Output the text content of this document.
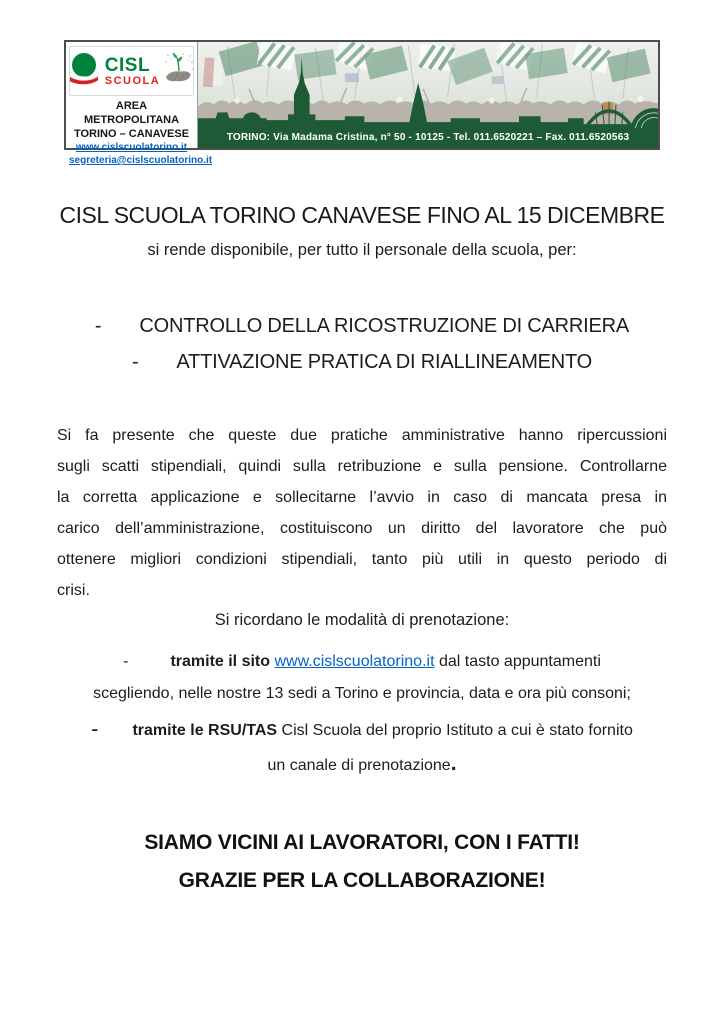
CISL
SCUOLA
AREA METROPOLITANA
TORINO – CANAVESE
www.cislscuolatorino.it
segreteria@cislscuolatorino.it
TORINO: Via Madama Cristina, n° 50 - 10125 - Tel. 011.6520221 – Fax. 011.6520563
CISL SCUOLA TORINO CANAVESE FINO AL 15 DICEMBRE
si rende disponibile, per tutto il personale della scuola, per:
- CONTROLLO DELLA RICOSTRUZIONE DI CARRIERA
- ATTIVAZIONE PRATICA DI RIALLINEAMENTO
Si fa presente che queste due pratiche amministrative hanno ripercussioni
sugli scatti stipendiali, quindi sulla retribuzione e sulla pensione. Controllarne
la corretta applicazione e sollecitarne l’avvio in caso di mancata presa in
carico dell’amministrazione, costituiscono un diritto del lavoratore che può
ottenere migliori condizioni stipendiali, tanto più utili in questo periodo di
crisi.
Si ricordano le modalità di prenotazione:
-	tramite il sito www.cislscuolatorino.it dal tasto appuntamenti
scegliendo, nelle nostre 13 sedi a Torino e provincia, data e ora più consoni;
- tramite le RSU/TAS Cisl Scuola del proprio Istituto a cui è stato fornito
un canale di prenotazione.
SIAMO VICINI AI LAVORATORI, CON I FATTI!
GRAZIE PER LA COLLABORAZIONE!
